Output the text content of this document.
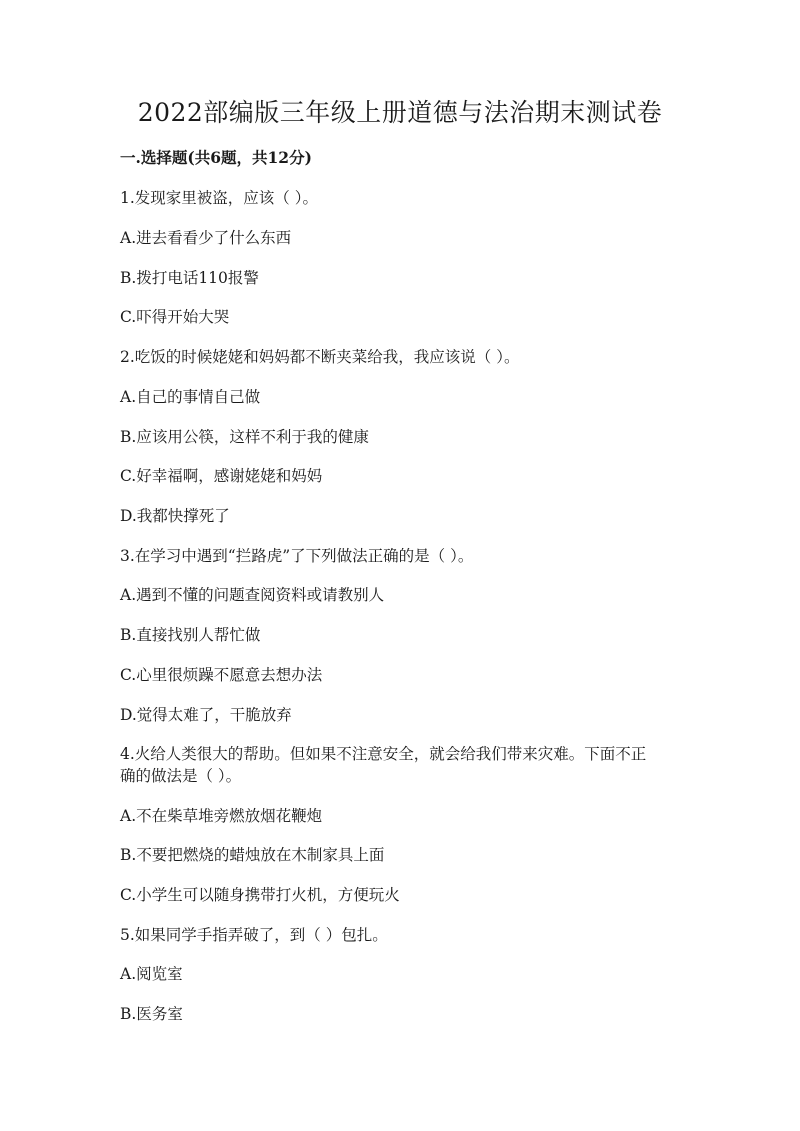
2022部编版三年级上册道德与法治期末测试卷
一.选择题(共6题，共12分)
1.发现家里被盗，应该（ ）。
A.进去看看少了什么东西
B.拨打电话110报警
C.吓得开始大哭
2.吃饭的时候姥姥和妈妈都不断夹菜给我，我应该说（ ）。
A.自己的事情自己做
B.应该用公筷，这样不利于我的健康
C.好幸福啊，感谢姥姥和妈妈
D.我都快撑死了
3.在学习中遇到“拦路虎”了下列做法正确的是（ ）。
A.遇到不懂的问题查阅资料或请教别人
B.直接找别人帮忙做
C.心里很烦躁不愿意去想办法
D.觉得太难了，干脆放弃
4.火给人类很大的帮助。但如果不注意安全，就会给我们带来灾难。下面不正
确的做法是（ ）。
A.不在柴草堆旁燃放烟花鞭炮
B.不要把燃烧的蜡烛放在木制家具上面
C.小学生可以随身携带打火机，方便玩火
5.如果同学手指弄破了，到（ ）包扎。
A.阅览室
B.医务室
